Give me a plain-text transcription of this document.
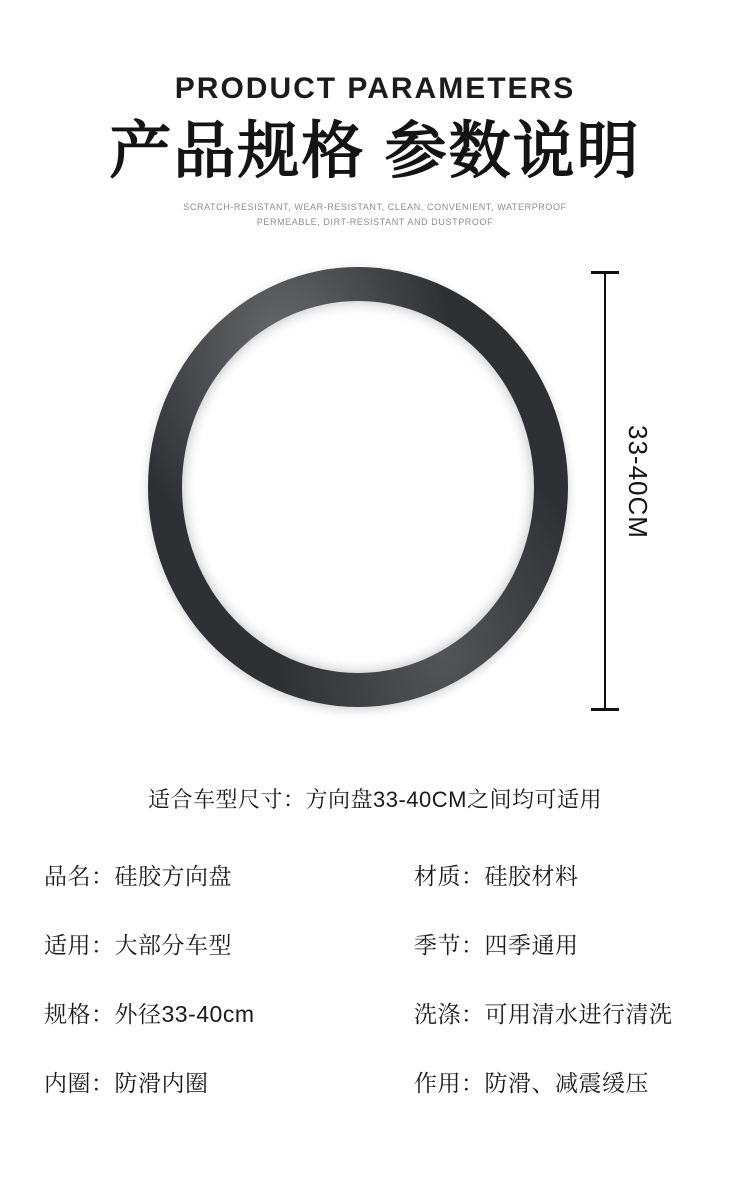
PRODUCT PARAMETERS
产品规格 参数说明
SCRATCH-RESISTANT, WEAR-RESISTANT, CLEAN, CONVENIENT, WATERPROOF
PERMEABLE, DIRT-RESISTANT AND DUSTPROOF
33-40CM
适合车型尺寸：方向盘33-40CM之间均可适用
品名：硅胶方向盘	材质：硅胶材料
适用：大部分车型	季节：四季通用
规格：外径33-40cm	洗涤：可用清水进行清洗
内圈：防滑内圈	作用：防滑、减震缓压
